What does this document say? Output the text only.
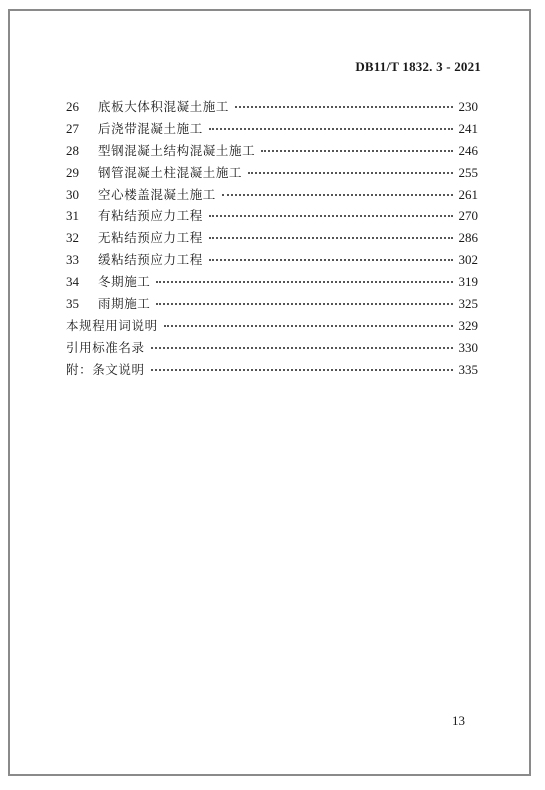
DB11/T 1832. 3 - 2021
26	底板大体积混凝土施工	230
27	后浇带混凝土施工	241
28	型钢混凝土结构混凝土施工	246
29	钢管混凝土柱混凝土施工	255
30	空心楼盖混凝土施工	261
31	有粘结预应力工程	270
32	无粘结预应力工程	286
33	缓粘结预应力工程	302
34	冬期施工	319
35	雨期施工	325
本规程用词说明	329
引用标准名录	330
附：条文说明	335
13
